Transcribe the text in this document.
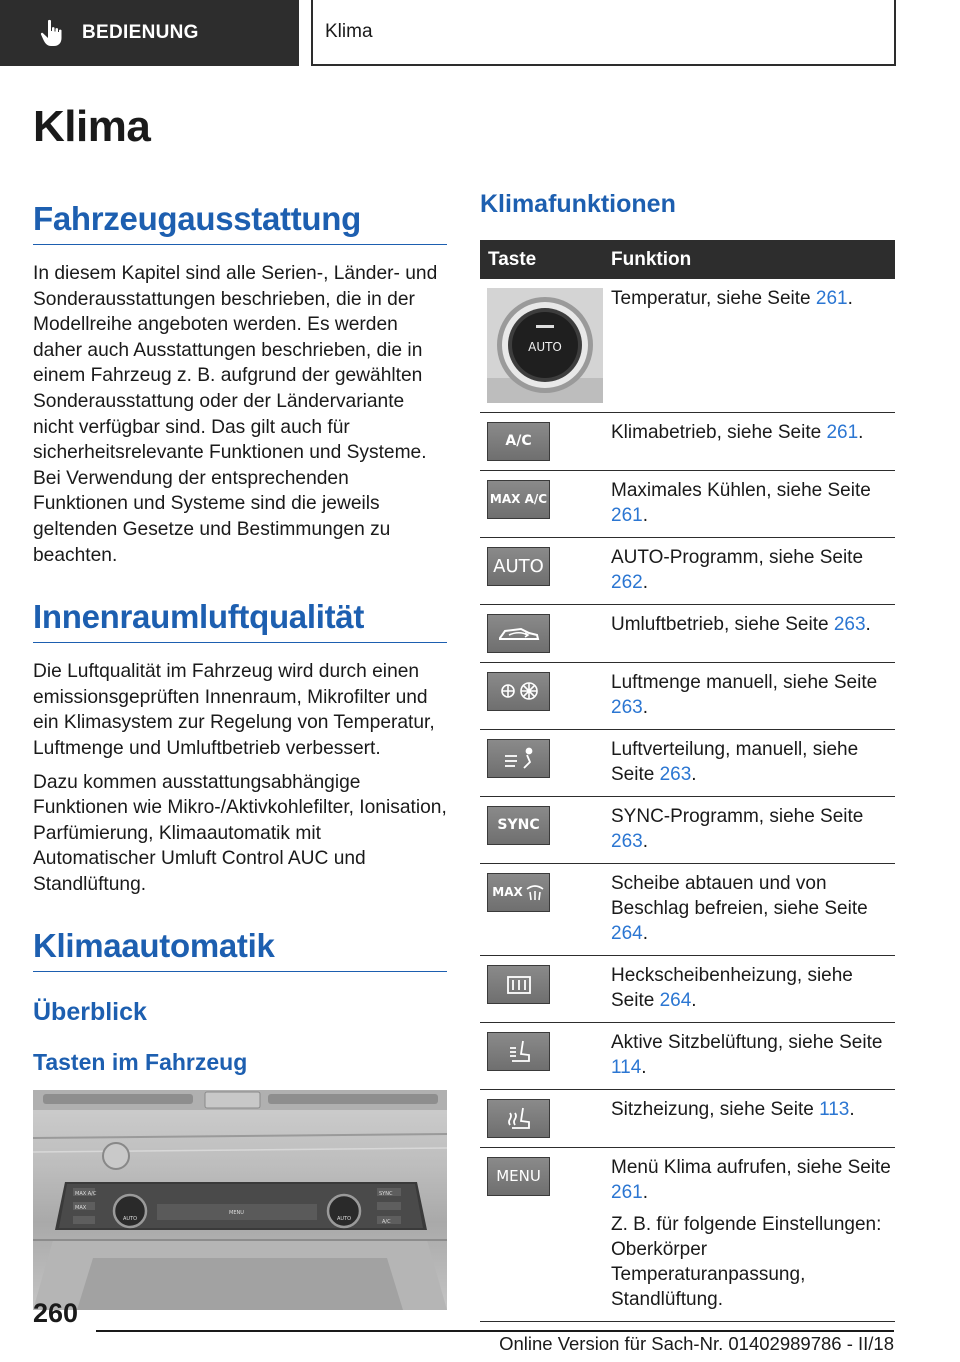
BEDIENUNG	Klima
Klima
Fahrzeugausstattung

In diesem Kapitel sind alle Serien-, Länder- und Sonderausstattungen beschrieben, die in der Modellreihe angeboten werden. Es werden daher auch Ausstattungen beschrieben, die in einem Fahrzeug z. B. aufgrund der gewählten Sonderausstattung oder der Ländervariante nicht verfügbar sind. Das gilt auch für sicherheitsrelevante Funktionen und Systeme. Bei Verwendung der entsprechenden Funktionen und Systeme sind die jeweils geltenden Gesetze und Bestimmungen zu beachten.

Innenraumluftqualität

Die Luftqualität im Fahrzeug wird durch einen emissionsgeprüften Innenraum, Mikrofilter und ein Klimasystem zur Regelung von Temperatur, Luftmenge und Umluftbetrieb verbessert.

Dazu kommen ausstattungsabhängige Funktionen wie Mikro-/Aktivkohlefilter, Ionisation, Parfümierung, Klimaautomatik mit Automatischer Umluft Control AUC und Standlüftung.

Klimaautomatik
Überblick
Tasten im Fahrzeug
MAX A/C
AUTO
MENU
AUTO
SYNC
A/C
MAX
Klimafunktionen
Taste	Funktion

AUTO	Temperatur, siehe Seite 261.

A/C	Klimabetrieb, siehe Seite 261.

MAX A/C	Maximales Kühlen, siehe Seite 261.

AUTO	AUTO-Programm, siehe Seite 262.

	Umluftbetrieb, siehe Seite 263.

	Luftmenge manuell, siehe Seite 263.

	Luftverteilung, manuell, siehe Seite 263.

SYNC	SYNC-Programm, siehe Seite 263.

MAX	Scheibe abtauen und von Beschlag befreien, siehe Seite 264.

	Heckscheibenheizung, siehe Seite 264.

	Aktive Sitzbelüftung, siehe Seite 114.

	Sitzheizung, siehe Seite 113.

MENU	Menü Klima aufrufen, siehe Seite 261.
Z. B. für folgende Einstellungen: Oberkörper Temperaturanpassung, Standlüftung.
260
Online Version für Sach-Nr. 01402989786 - II/18
